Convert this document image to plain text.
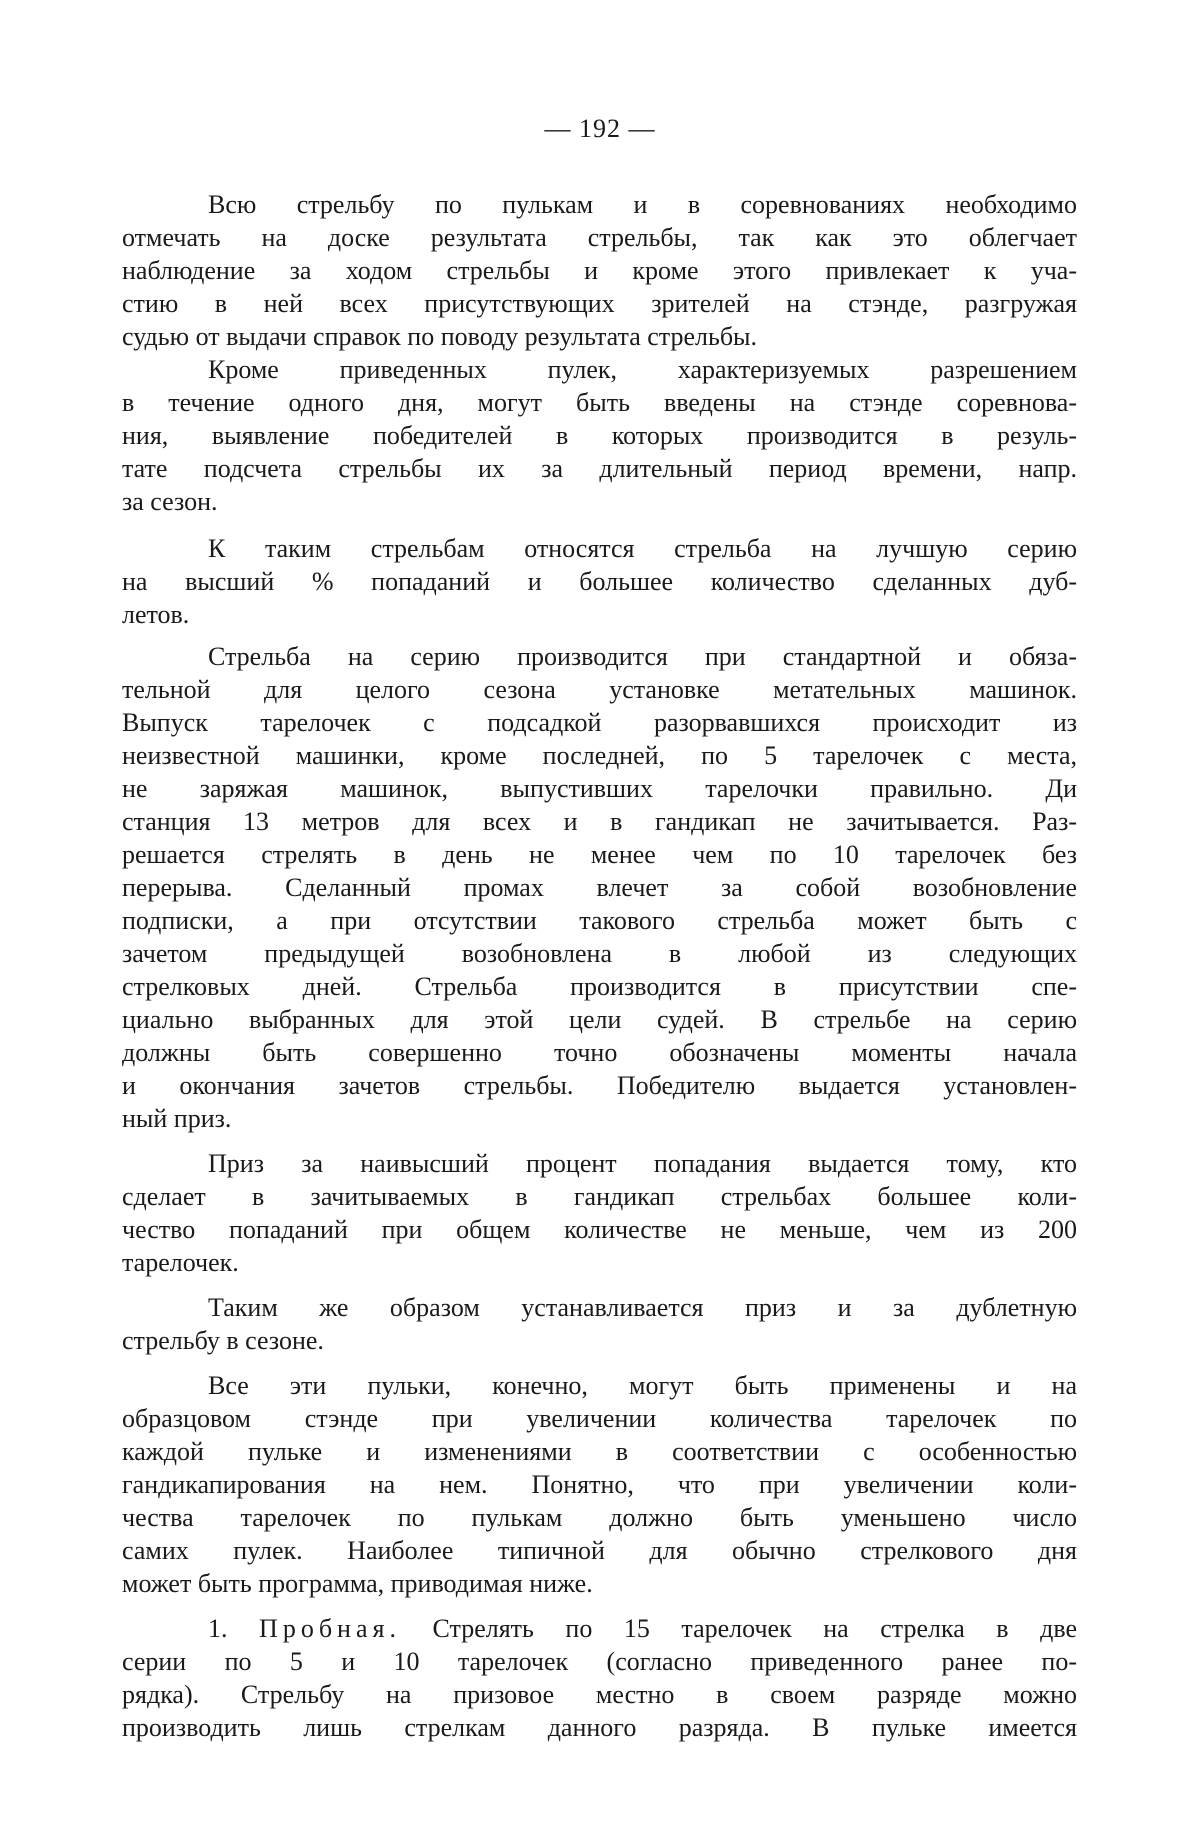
— 192 —

Всю стрельбу по пулькам и в соревнованиях необходимо
отмечать на доске результата стрельбы, так как это облегчает
наблюдение за ходом стрельбы и кроме этого привлекает к уча-
стию в ней всех присутствующих зрителей на стэнде, разгружая
судью от выдачи справок по поводу результата стрельбы.

Кроме приведенных пулек, характеризуемых разрешением
в течение одного дня, могут быть введены на стэнде соревнова-
ния, выявление победителей в которых производится в резуль-
тате подсчета стрельбы их за длительный период времени, напр.
за сезон.

К таким стрельбам относятся стрельба на лучшую серию
на высший % попаданий и большее количество сделанных дуб-
летов.

Стрельба на серию производится при стандартной и обяза-
тельной для целого сезона установке метательных машинок.
Выпуск тарелочек с подсадкой разорвавшихся происходит из
неизвестной машинки, кроме последней, по 5 тарелочек с места,
не заряжая машинок, выпустивших тарелочки правильно. Ди
станция 13 метров для всех и в гандикап не зачитывается. Раз-
решается стрелять в день не менее чем по 10 тарелочек без
перерыва. Сделанный промах влечет за собой возобновление
подписки, а при отсутствии такового стрельба может быть с
зачетом предыдущей возобновлена в любой из следующих
стрелковых дней. Стрельба производится в присутствии спе-
циально выбранных для этой цели судей. В стрельбе на серию
должны быть совершенно точно обозначены моменты начала
и окончания зачетов стрельбы. Победителю выдается установлен-
ный приз.

Приз за наивысший процент попадания выдается тому, кто
сделает в зачитываемых в гандикап стрельбах большее коли-
чество попаданий при общем количестве не меньше, чем из 200
тарелочек.

Таким же образом устанавливается приз и за дублетную
стрельбу в сезоне.

Все эти пульки, конечно, могут быть применены и на
образцовом стэнде при увеличении количества тарелочек по
каждой пульке и изменениями в соответствии с особенностью
гандикапирования на нем. Понятно, что при увеличении коли-
чества тарелочек по пулькам должно быть уменьшено число
самих пулек. Наиболее типичной для обычно стрелкового дня
может быть программа, приводимая ниже.

1. Пробная. Стрелять по 15 тарелочек на стрелка в две
серии по 5 и 10 тарелочек (согласно приведенного ранее по-
рядка). Стрельбу на призовое местно в своем разряде можно
производить лишь стрелкам данного разряда. В пульке имеется
